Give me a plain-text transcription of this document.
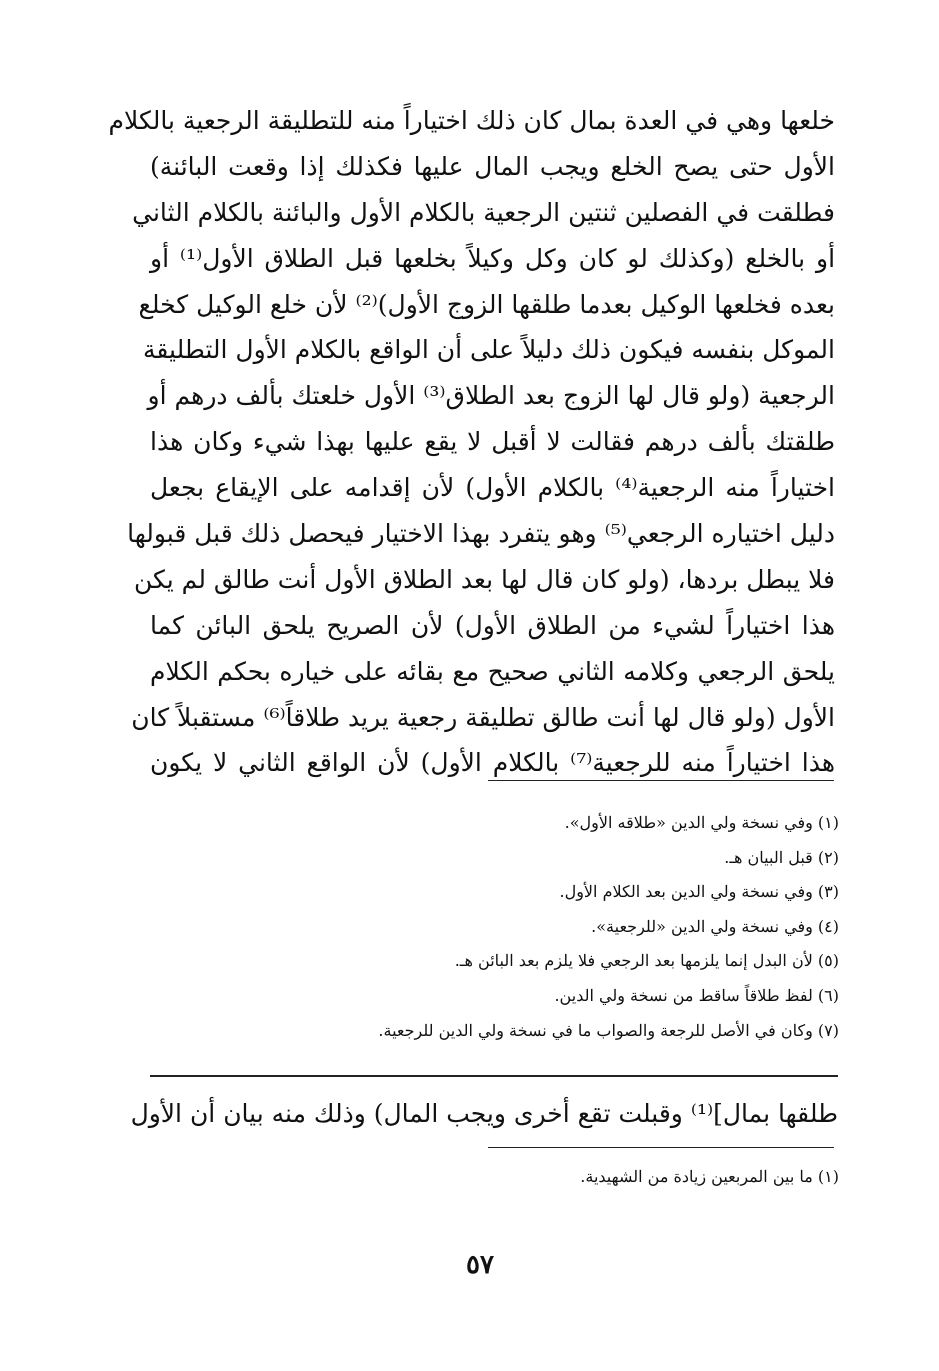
خلعها وهي في العدة بمال كان ذلك اختياراً منه للتطليقة الرجعية بالكلام
الأول حتى يصح الخلع ويجب المال عليها فكذلك إذا وقعت البائنة)
فطلقت في الفصلين ثنتين الرجعية بالكلام الأول والبائنة بالكلام الثاني
أو بالخلع (وكذلك لو كان وكل وكيلاً بخلعها قبل الطلاق الأول⁽¹⁾ أو
بعده فخلعها الوكيل بعدما طلقها الزوج الأول)⁽²⁾ لأن خلع الوكيل كخلع
الموكل بنفسه فيكون ذلك دليلاً على أن الواقع بالكلام الأول التطليقة
الرجعية (ولو قال لها الزوج بعد الطلاق⁽³⁾ الأول خلعتك بألف درهم أو
طلقتك بألف درهم فقالت لا أقبل لا يقع عليها بهذا شيء وكان هذا
اختياراً منه الرجعية⁽⁴⁾ بالكلام الأول) لأن إقدامه على الإيقاع بجعل
دليل اختياره الرجعي⁽⁵⁾ وهو يتفرد بهذا الاختيار فيحصل ذلك قبل قبولها
فلا يبطل بردها، (ولو كان قال لها بعد الطلاق الأول أنت طالق لم يكن
هذا اختياراً لشيء من الطلاق الأول) لأن الصريح يلحق البائن كما
يلحق الرجعي وكلامه الثاني صحيح مع بقائه على خياره بحكم الكلام
الأول (ولو قال لها أنت طالق تطليقة رجعية يريد طلاقاً⁽⁶⁾ مستقبلاً كان
هذا اختياراً منه للرجعية⁽⁷⁾ بالكلام الأول) لأن الواقع الثاني لا يكون
(١) وفي نسخة ولي الدين «طلاقه الأول».
(٢) قبل البيان هـ.
(٣) وفي نسخة ولي الدين بعد الكلام الأول.
(٤) وفي نسخة ولي الدين «للرجعية».
(٥) لأن البدل إنما يلزمها بعد الرجعي فلا يلزم بعد البائن هـ.
(٦) لفظ طلاقاً ساقط من نسخة ولي الدين.
(٧) وكان في الأصل للرجعة والصواب ما في نسخة ولي الدين للرجعية.
طلقها بمال]⁽¹⁾ وقبلت تقع أخرى ويجب المال) وذلك منه بيان أن الأول
(١) ما بين المربعين زيادة من الشهيدية.
٥٧
